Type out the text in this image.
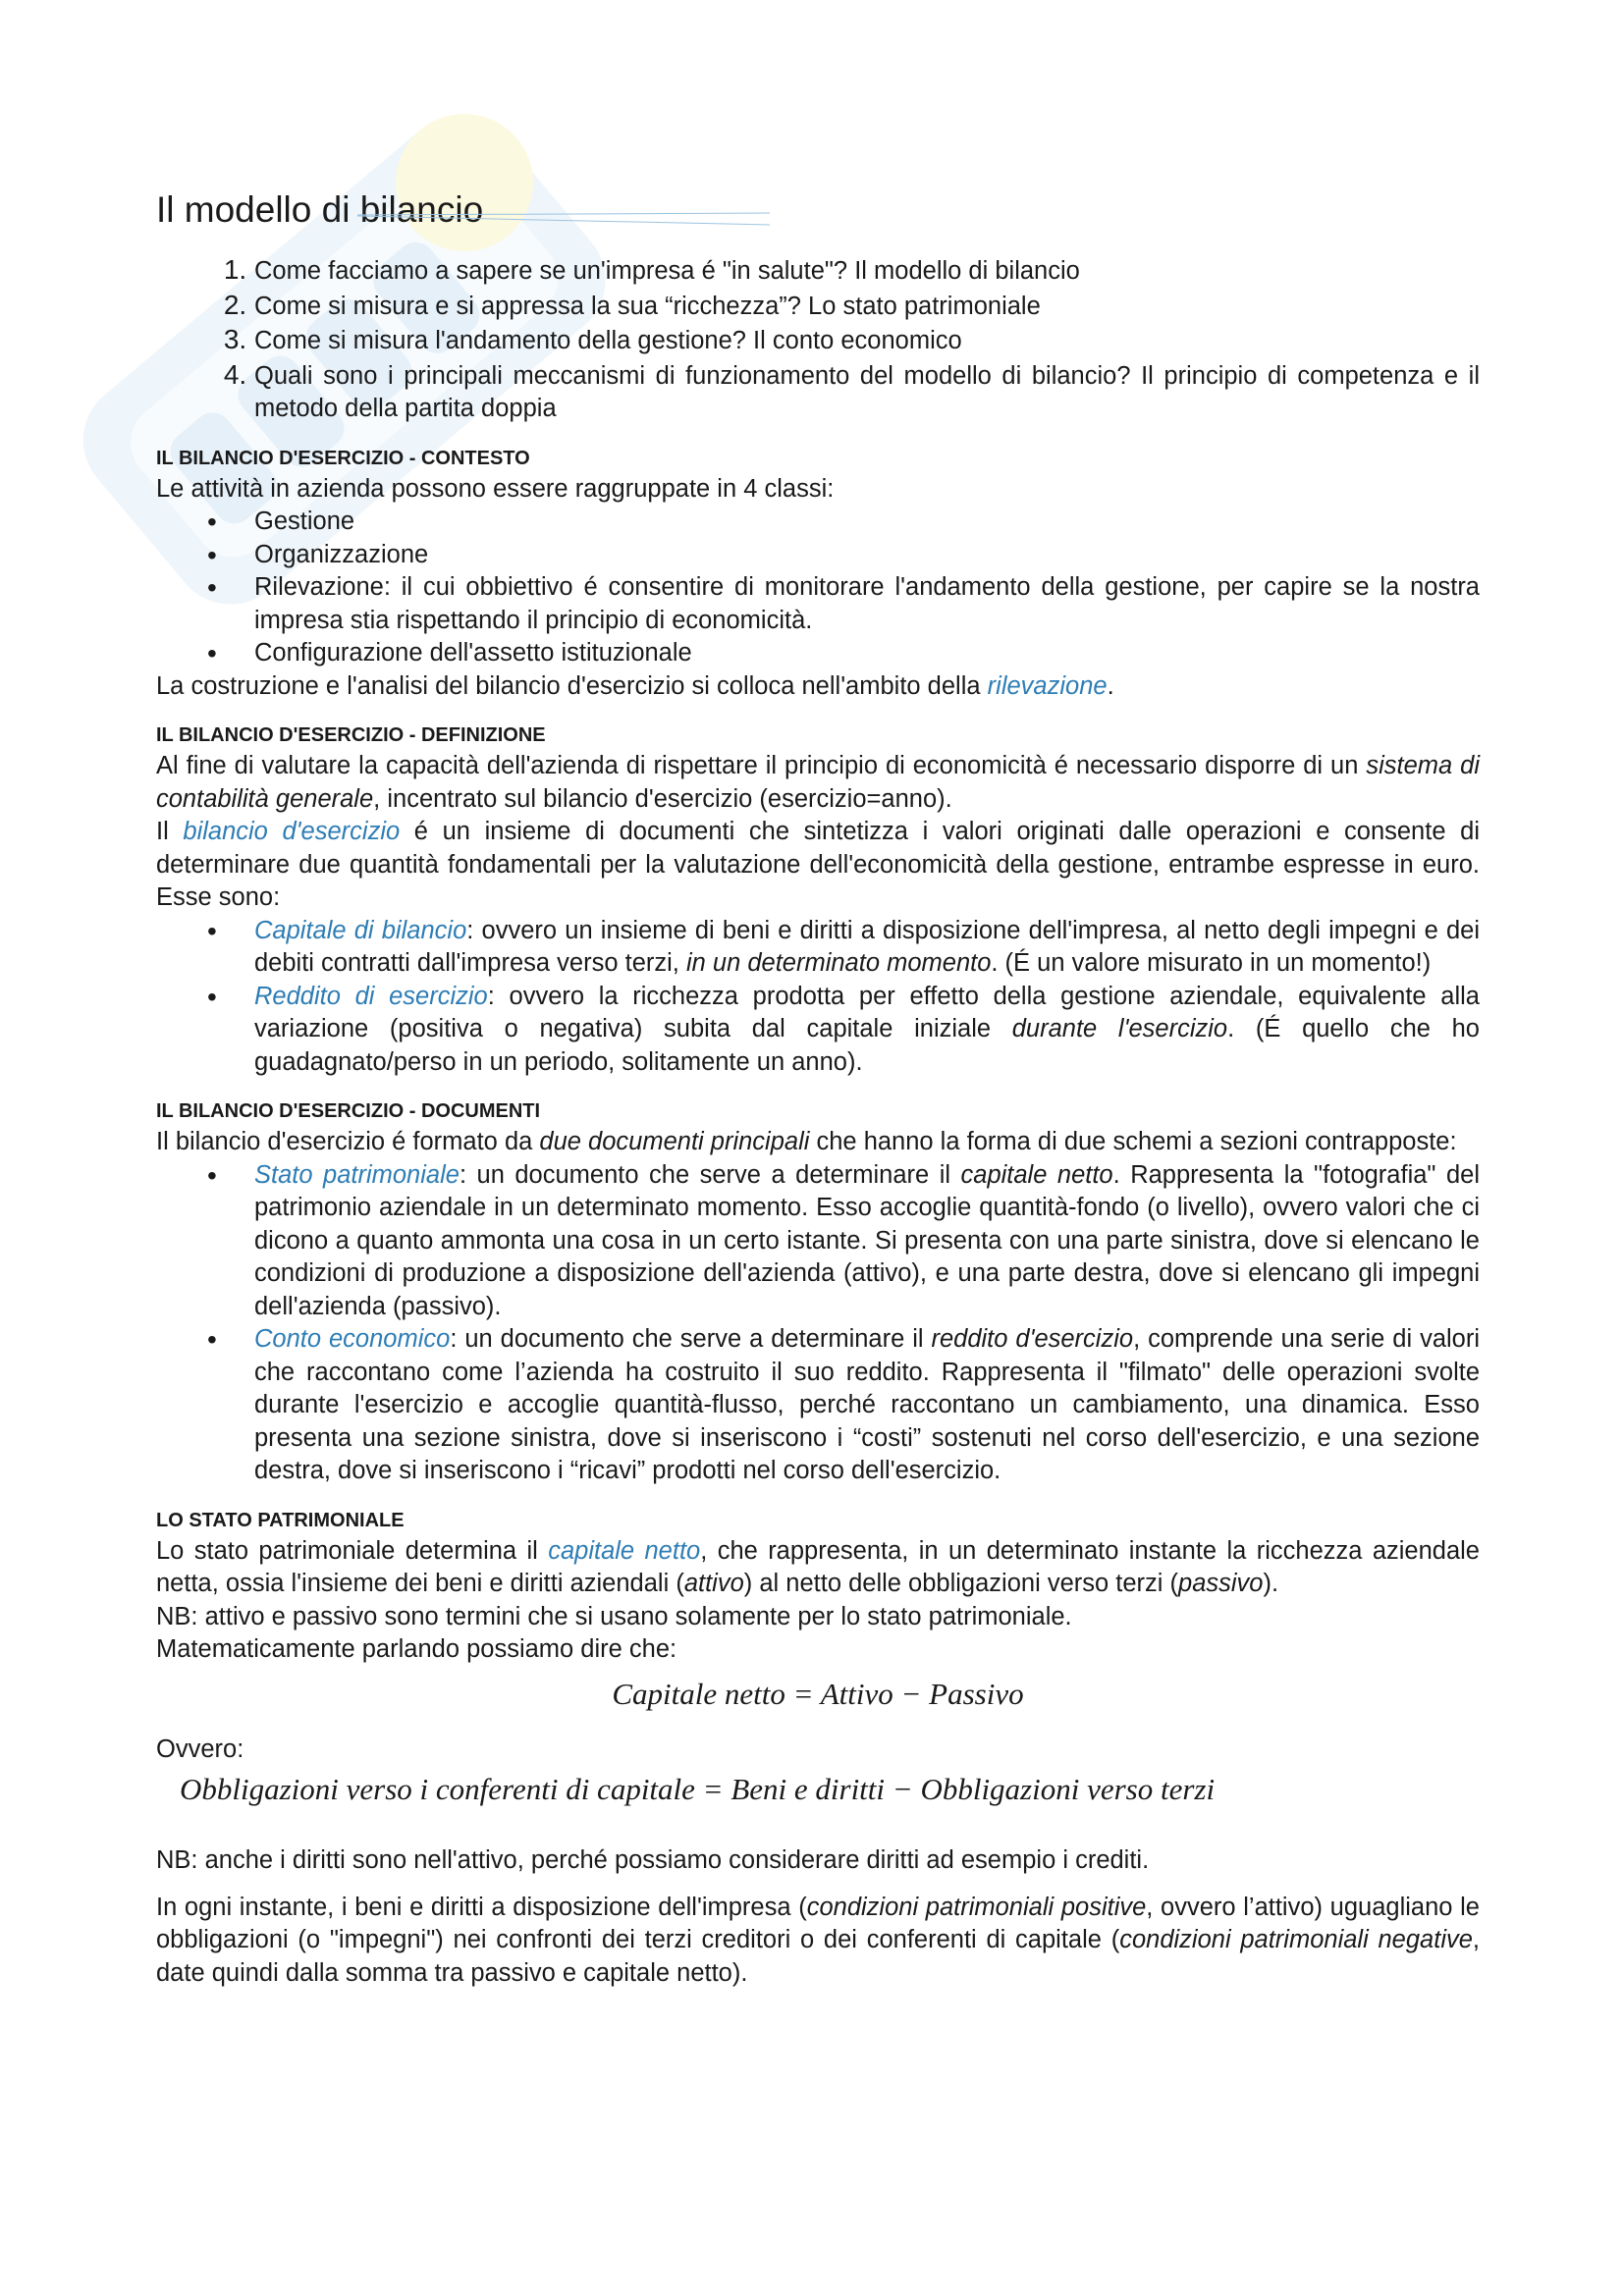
Il modello di bilancio
1. Come facciamo a sapere se un'impresa é "in salute"? Il modello di bilancio
2. Come si misura e si appressa la sua “ricchezza”? Lo stato patrimoniale
3. Come si misura l'andamento della gestione? Il conto economico
4. Quali sono i principali meccanismi di funzionamento del modello di bilancio? Il principio di competenza e il metodo della partita doppia
IL BILANCIO D'ESERCIZIO - CONTESTO

Le attività in azienda possono essere raggruppate in 4 classi:

• Gestione
• Organizzazione
• Rilevazione: il cui obbiettivo é consentire di monitorare l'andamento della gestione, per capire se la nostra impresa stia rispettando il principio di economicità.
• Configurazione dell'assetto istituzionale

La costruzione e l'analisi del bilancio d'esercizio si colloca nell'ambito della rilevazione.

IL BILANCIO D'ESERCIZIO - DEFINIZIONE

Al fine di valutare la capacità dell'azienda di rispettare il principio di economicità é necessario disporre di un sistema di contabilità generale, incentrato sul bilancio d'esercizio (esercizio=anno).

Il bilancio d'esercizio é un insieme di documenti che sintetizza i valori originati dalle operazioni e consente di determinare due quantità fondamentali per la valutazione dell'economicità della gestione, entrambe espresse in euro. Esse sono:

• Capitale di bilancio: ovvero un insieme di beni e diritti a disposizione dell'impresa, al netto degli impegni e dei debiti contratti dall'impresa verso terzi, in un determinato momento. (É un valore misurato in un momento!)
• Reddito di esercizio: ovvero la ricchezza prodotta per effetto della gestione aziendale, equivalente alla variazione (positiva o negativa) subita dal capitale iniziale durante l'esercizio. (É quello che ho guadagnato/perso in un periodo, solitamente un anno).
IL BILANCIO D'ESERCIZIO - DOCUMENTI

Il bilancio d'esercizio é formato da due documenti principali che hanno la forma di due schemi a sezioni contrapposte:

• Stato patrimoniale: un documento che serve a determinare il capitale netto. Rappresenta la "fotografia" del patrimonio aziendale in un determinato momento. Esso accoglie quantità-fondo (o livello), ovvero valori che ci dicono a quanto ammonta una cosa in un certo istante. Si presenta con una parte sinistra, dove si elencano le condizioni di produzione a disposizione dell'azienda (attivo), e una parte destra, dove si elencano gli impegni dell'azienda (passivo).
• Conto economico: un documento che serve a determinare il reddito d'esercizio, comprende una serie di valori che raccontano come l’azienda ha costruito il suo reddito. Rappresenta il "filmato" delle operazioni svolte durante l'esercizio e accoglie quantità-flusso, perché raccontano un cambiamento, una dinamica. Esso presenta una sezione sinistra, dove si inseriscono i “costi” sostenuti nel corso dell'esercizio, e una sezione destra, dove si inseriscono i “ricavi” prodotti nel corso dell'esercizio.
LO STATO PATRIMONIALE

Lo stato patrimoniale determina il capitale netto, che rappresenta, in un determinato instante la ricchezza aziendale netta, ossia l'insieme dei beni e diritti aziendali (attivo) al netto delle obbligazioni verso terzi (passivo).

NB: attivo e passivo sono termini che si usano solamente per lo stato patrimoniale.

Matematicamente parlando possiamo dire che:

Capitale netto = Attivo − Passivo

Ovvero:

Obbligazioni verso i conferenti di capitale = Beni e diritti − Obbligazioni verso terzi

NB: anche i diritti sono nell'attivo, perché possiamo considerare diritti ad esempio i crediti.

In ogni instante, i beni e diritti a disposizione dell'impresa (condizioni patrimoniali positive, ovvero l’attivo) uguagliano le obbligazioni (o "impegni") nei confronti dei terzi creditori o dei conferenti di capitale (condizioni patrimoniali negative, date quindi dalla somma tra passivo e capitale netto).
